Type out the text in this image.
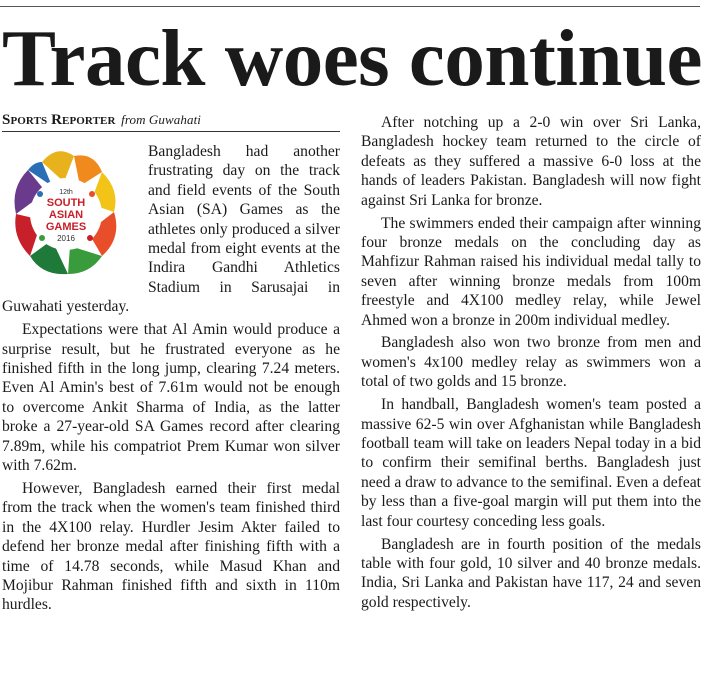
Track woes continue
Sports Reporter from Guwahati
12th
SOUTH
ASIAN
GAMES
2016

Bangladesh had another frustrating day on the track and field events of the South Asian (SA) Games as the athletes only produced a silver medal from eight events at the Indira Gandhi Athletics Stadium in Sarusajai in Guwahati yesterday.

Expectations were that Al Amin would produce a surprise result, but he frustrated everyone as he finished fifth in the long jump, clearing 7.24 meters. Even Al Amin's best of 7.61m would not be enough to overcome Ankit Sharma of India, as the latter broke a 27-year-old SA Games record after clearing 7.89m, while his compatriot Prem Kumar won silver with 7.62m.

However, Bangladesh earned their first medal from the track when the women's team finished third in the 4X100 relay. Hurdler Jesim Akter failed to defend her bronze medal after finishing fifth with a time of 14.78 seconds, while Masud Khan and Mojibur Rahman finished fifth and sixth in 110m hurdles.

After notching up a 2-0 win over Sri Lanka, Bangladesh hockey team returned to the circle of defeats as they suffered a massive 6-0 loss at the hands of leaders Pakistan. Bangladesh will now fight against Sri Lanka for bronze.

The swimmers ended their campaign after winning four bronze medals on the concluding day as Mahfizur Rahman raised his individual medal tally to seven after winning bronze medals from 100m freestyle and 4X100 medley relay, while Jewel Ahmed won a bronze in 200m individual medley.

Bangladesh also won two bronze from men and women's 4x100 medley relay as swimmers won a total of two golds and 15 bronze.

In handball, Bangladesh women's team posted a massive 62-5 win over Afghanistan while Bangladesh football team will take on leaders Nepal today in a bid to confirm their semifinal berths. Bangladesh just need a draw to advance to the semifinal. Even a defeat by less than a five-goal margin will put them into the last four courtesy conceding less goals.

Bangladesh are in fourth position of the medals table with four gold, 10 silver and 40 bronze medals. India, Sri Lanka and Pakistan have 117, 24 and seven gold respectively.
